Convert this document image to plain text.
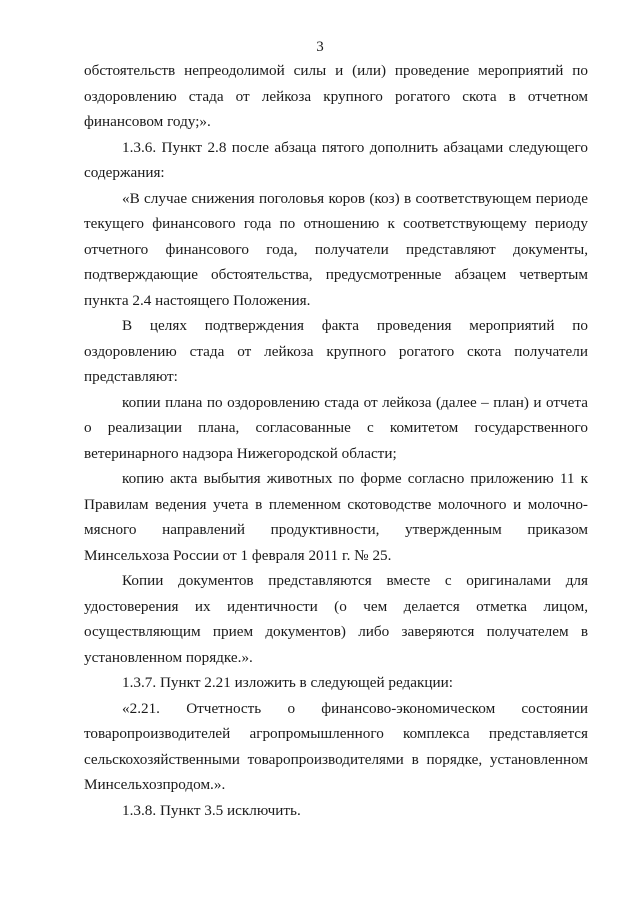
3

обстоятельств непреодолимой силы и (или) проведение мероприятий по оздоровлению стада от лейкоза крупного рогатого скота в отчетном финансовом году;».

1.3.6. Пункт 2.8 после абзаца пятого дополнить абзацами следующего содержания:

«В случае снижения поголовья коров (коз) в соответствующем периоде текущего финансового года по отношению к соответствующему периоду отчетного финансового года, получатели представляют документы, подтверждающие обстоятельства, предусмотренные абзацем четвертым пункта 2.4 настоящего Положения.

В целях подтверждения факта проведения мероприятий по оздоровлению стада от лейкоза крупного рогатого скота получатели представляют:

копии плана по оздоровлению стада от лейкоза (далее – план) и отчета о реализации плана, согласованные с комитетом государственного ветеринарного надзора Нижегородской области;

копию акта выбытия животных по форме согласно приложению 11 к Правилам ведения учета в племенном скотоводстве молочного и молочно-мясного направлений продуктивности, утвержденным приказом Минсельхоза России от 1 февраля 2011 г. № 25.

Копии документов представляются вместе с оригиналами для удостоверения их идентичности (о чем делается отметка лицом, осуществляющим прием документов) либо заверяются получателем в установленном порядке.».

1.3.7. Пункт 2.21 изложить в следующей редакции:

«2.21. Отчетность о финансово-экономическом состоянии товаропроизводителей агропромышленного комплекса представляется сельскохозяйственными товаропроизводителями в порядке, установленном Минсельхозпродом.».

1.3.8. Пункт 3.5 исключить.
